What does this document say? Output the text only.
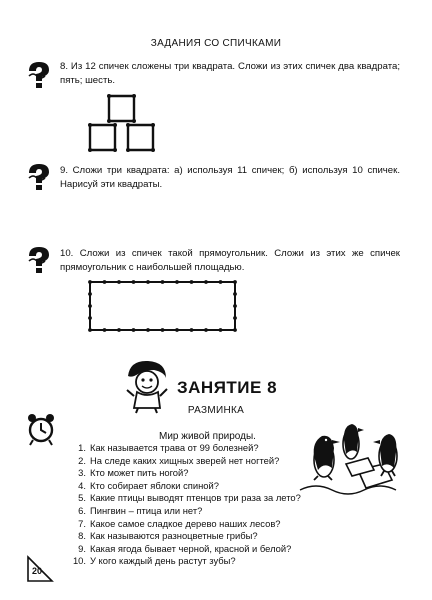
ЗАДАНИЯ СО СПИЧКАМИ
8. Из 12 спичек сложены три квадрата. Сложи из этих спичек два квадрата; пять; шесть.
9. Сложи три квадрата: а) используя 11 спичек; б) используя 10 спичек. Нарисуй эти квадраты.
10. Сложи из спичек такой прямоугольник. Сложи из этих же спичек прямоугольник с наибольшей площадью.
ЗАНЯТИЕ 8
РАЗМИНКА
Мир живой природы.
1. Как называется трава от 99 болезней?
2. На следе каких хищных зверей нет ногтей?
3. Кто может пить ногой?
4. Кто собирает яблоки спиной?
5. Какие птицы выводят птенцов три раза за лето?
6. Пингвин – птица или нет?
7. Какое самое сладкое дерево наших лесов?
8. Как называются разноцветные грибы?
9. Какая ягода бывает черной, красной и белой?
10. У кого каждый день растут зубы?
20
